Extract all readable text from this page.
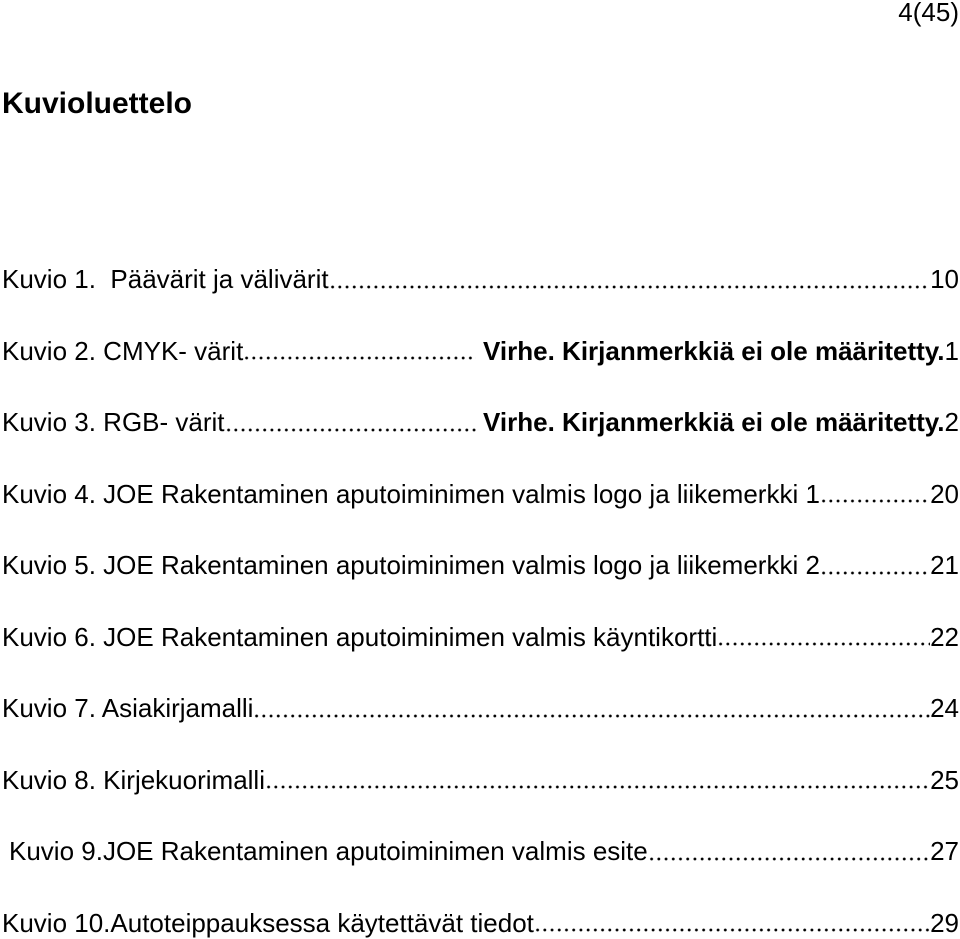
4(45)
Kuvioluettelo
Kuvio 1.  Päävärit ja välivärit	10
Kuvio 2. CMYK- värit	Virhe. Kirjanmerkkiä ei ole määritetty. 1
Kuvio 3. RGB- värit	Virhe. Kirjanmerkkiä ei ole määritetty. 2
Kuvio 4. JOE Rakentaminen aputoiminimen valmis logo ja liikemerkki 1	20
Kuvio 5. JOE Rakentaminen aputoiminimen valmis logo ja liikemerkki 2	21
Kuvio 6. JOE Rakentaminen aputoiminimen valmis käyntikortti	22
Kuvio 7. Asiakirjamalli	24
Kuvio 8. Kirjekuorimalli	25
Kuvio 9.JOE Rakentaminen aputoiminimen valmis esite	27
Kuvio 10.Autoteippauksessa käytettävät tiedot	29
